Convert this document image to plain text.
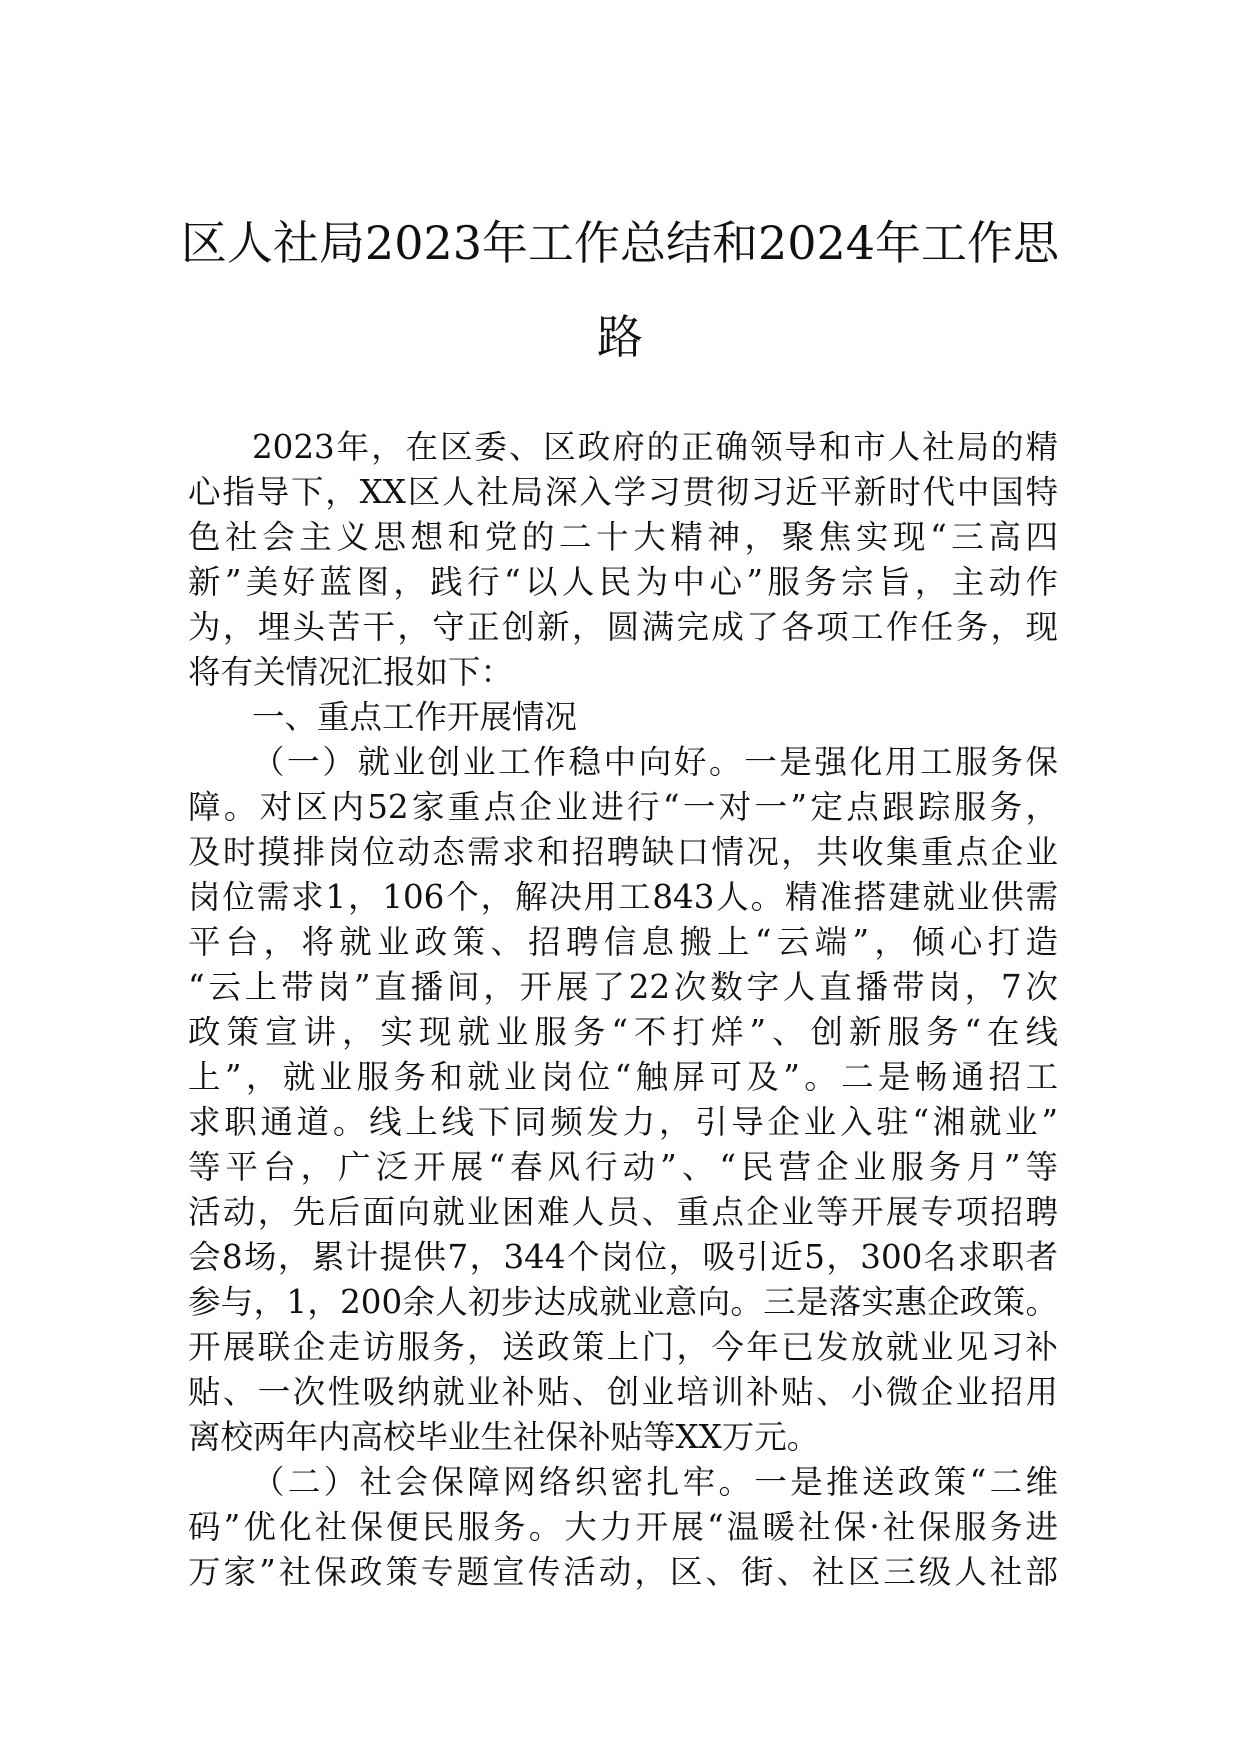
区人社局2023年工作总结和2024年工作思
路
2023年，在区委、区政府的正确领导和市人社局的精
心指导下，XX区人社局深入学习贯彻习近平新时代中国特
色社会主义思想和党的二十大精神，聚焦实现“三高四
新”美好蓝图，践行“以人民为中心”服务宗旨，主动作
为，埋头苦干，守正创新，圆满完成了各项工作任务，现
将有关情况汇报如下：
一、重点工作开展情况
（一）就业创业工作稳中向好。一是强化用工服务保
障。对区内52家重点企业进行“一对一”定点跟踪服务，
及时摸排岗位动态需求和招聘缺口情况，共收集重点企业
岗位需求1，106个，解决用工843人。精准搭建就业供需
平台，将就业政策、招聘信息搬上“云端”，倾心打造
“云上带岗”直播间，开展了22次数字人直播带岗，7次
政策宣讲，实现就业服务“不打烊”、创新服务“在线
上”，就业服务和就业岗位“触屏可及”。二是畅通招工
求职通道。线上线下同频发力，引导企业入驻“湘就业”
等平台，广泛开展“春风行动”、“民营企业服务月”等
活动，先后面向就业困难人员、重点企业等开展专项招聘
会8场，累计提供7，344个岗位，吸引近5，300名求职者
参与，1，200余人初步达成就业意向。三是落实惠企政策。
开展联企走访服务，送政策上门，今年已发放就业见习补
贴、一次性吸纳就业补贴、创业培训补贴、小微企业招用
离校两年内高校毕业生社保补贴等XX万元。
（二）社会保障网络织密扎牢。一是推送政策“二维
码”优化社保便民服务。大力开展“温暖社保·社保服务进
万家”社保政策专题宣传活动，区、街、社区三级人社部
